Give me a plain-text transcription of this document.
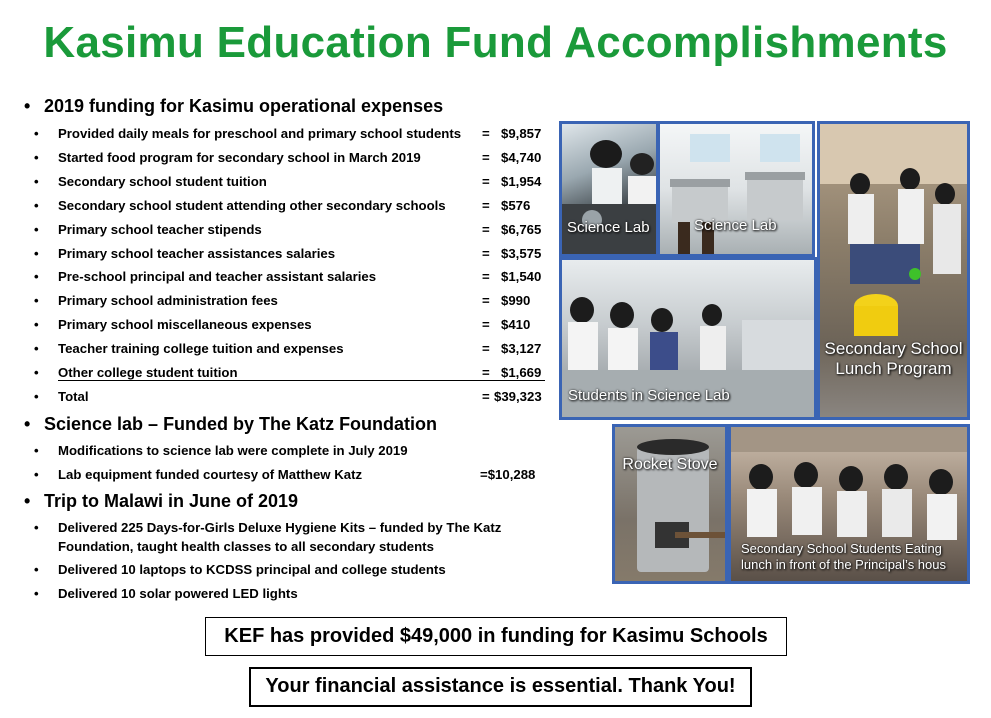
Kasimu Education Fund Accomplishments
• 2019 funding for Kasimu operational expenses
• Provided daily meals for preschool and primary school students = $9,857
• Started food program for secondary school in March 2019	= $4,740
• Secondary school student tuition	= $1,954
• Secondary school student attending other secondary schools	= $576
• Primary school teacher stipends	= $6,765
• Primary school teacher assistances salaries	= $3,575
• Pre-school principal and teacher assistant salaries	= $1,540
• Primary school administration fees	= $990
• Primary school miscellaneous expenses	= $410
• Teacher training college tuition and expenses	= $3,127
• Other college student tuition	= $1,669
• Total	= $39,323
• Science lab – Funded by The Katz Foundation
• Modifications to science lab were complete in July 2019
• Lab equipment funded courtesy of Matthew Katz	=$10,288
• Trip to Malawi in June of 2019
• Delivered 225 Days-for-Girls Deluxe Hygiene Kits – funded by The Katz
Foundation, taught health classes to all secondary students
• Delivered 10 laptops to KCDSS principal and college students
• Delivered 10 solar powered LED lights
Science Lab	Science Lab
Secondary School Lunch Program
Students in Science Lab
Rocket Stove
Secondary School Students Eating lunch in front of the Principal’s hous
KEF has provided $49,000 in funding for Kasimu Schools
Your financial assistance is essential. Thank You!
